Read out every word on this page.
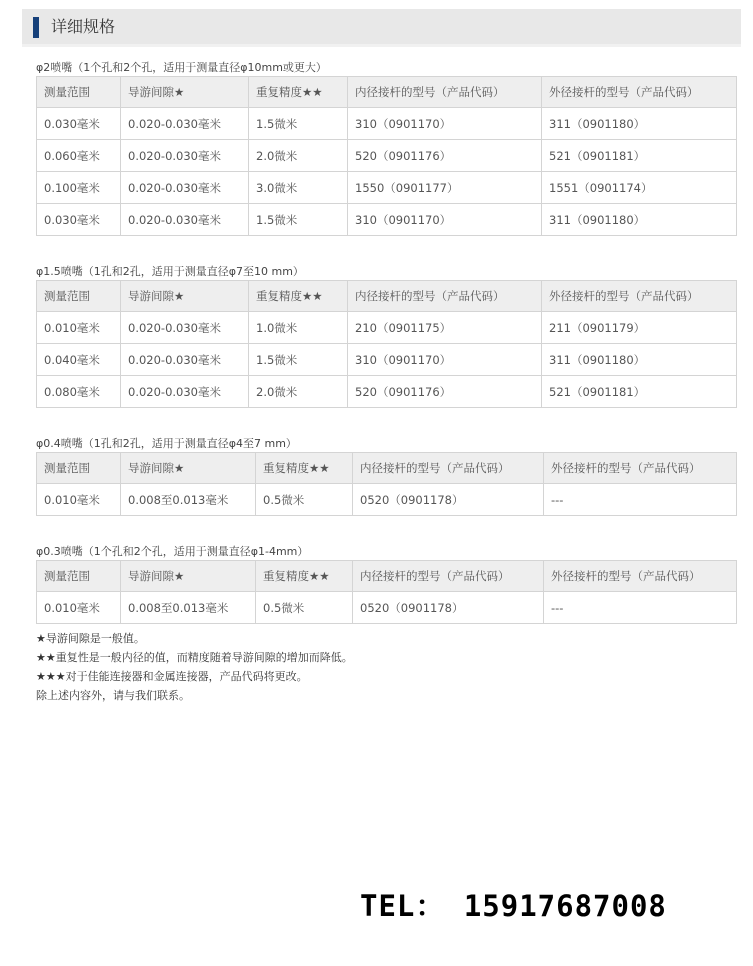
详细规格
φ2喷嘴（1个孔和2个孔，适用于测量直径φ10mm或更大）
测量范围	导游间隙★	重复精度★★	内径接杆的型号（产品代码）	外径接杆的型号（产品代码）
0.030毫米	0.020-0.030毫米	1.5微米	310（0901170）	311（0901180）
0.060毫米	0.020-0.030毫米	2.0微米	520（0901176）	521（0901181）
0.100毫米	0.020-0.030毫米	3.0微米	1550（0901177）	1551（0901174）
0.030毫米	0.020-0.030毫米	1.5微米	310（0901170）	311（0901180）
φ1.5喷嘴（1孔和2孔，适用于测量直径φ7至10 mm）
测量范围	导游间隙★	重复精度★★	内径接杆的型号（产品代码）	外径接杆的型号（产品代码）
0.010毫米	0.020-0.030毫米	1.0微米	210（0901175）	211（0901179）
0.040毫米	0.020-0.030毫米	1.5微米	310（0901170）	311（0901180）
0.080毫米	0.020-0.030毫米	2.0微米	520（0901176）	521（0901181）
φ0.4喷嘴（1孔和2孔，适用于测量直径φ4至7 mm）
测量范围	导游间隙★	重复精度★★	内径接杆的型号（产品代码）	外径接杆的型号（产品代码）
0.010毫米	0.008至0.013毫米	0.5微米	0520（0901178）	---
φ0.3喷嘴（1个孔和2个孔，适用于测量直径φ1-4mm）
测量范围	导游间隙★	重复精度★★	内径接杆的型号（产品代码）	外径接杆的型号（产品代码）
0.010毫米	0.008至0.013毫米	0.5微米	0520（0901178）	---
★导游间隙是一般值。
★★重复性是一般内径的值，而精度随着导游间隙的增加而降低。
★★★对于佳能连接器和金属连接器，产品代码将更改。
除上述内容外，请与我们联系。
TEL： 15917687008
